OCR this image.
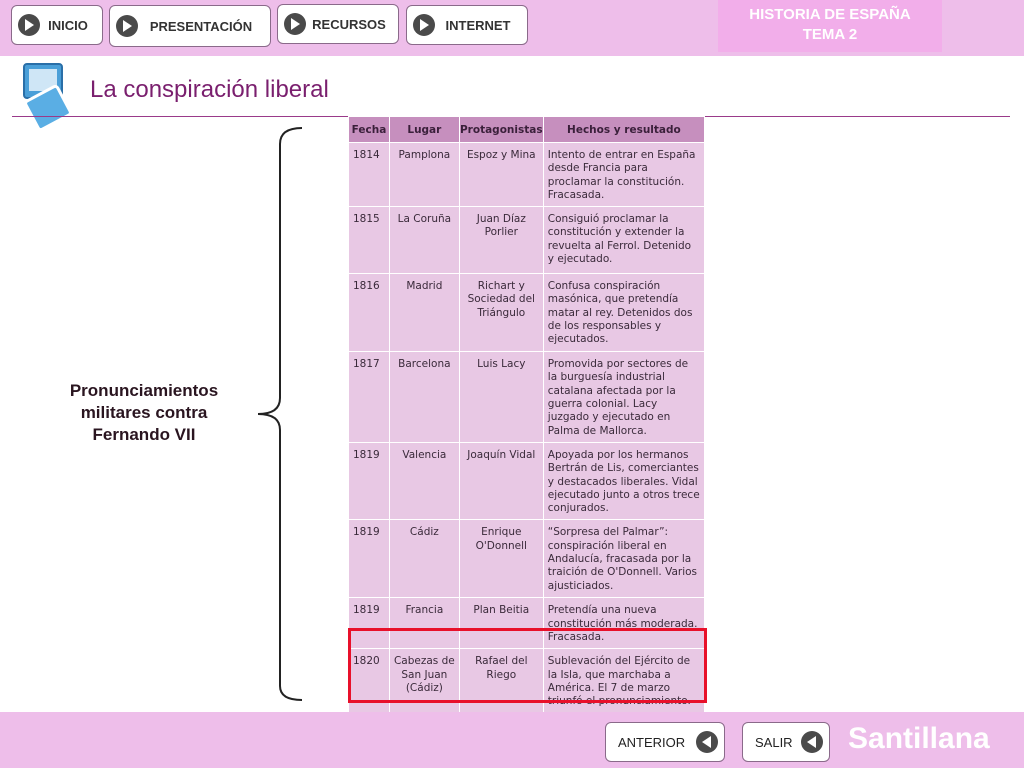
INICIO	PRESENTACIÓN	RECURSOS	INTERNET
HISTORIA DE ESPAÑA
TEMA 2
La conspiración liberal
Pronunciamientos
militares contra
Fernando VII
Fecha	Lugar	Protagonistas	Hechos y resultado
1814	Pamplona	Espoz y Mina	Intento de entrar en España desde Francia para proclamar la constitución. Fracasada.
1815	La Coruña	Juan Díaz Porlier	Consiguió proclamar la constitución y extender la revuelta al Ferrol. Detenido y ejecutado.
1816	Madrid	Richart y Sociedad del Triángulo	Confusa conspiración masónica, que pretendía matar al rey. Detenidos dos de los responsables y ejecutados.
1817	Barcelona	Luis Lacy	Promovida por sectores de la burguesía industrial catalana afectada por la guerra colonial. Lacy juzgado y ejecutado en Palma de Mallorca.
1819	Valencia	Joaquín Vidal	Apoyada por los hermanos Bertrán de Lis, comerciantes y destacados liberales. Vidal ejecutado junto a otros trece conjurados.
1819	Cádiz	Enrique O'Donnell	“Sorpresa del Palmar”: conspiración liberal en Andalucía, fracasada por la traición de O'Donnell. Varios ajusticiados.
1819	Francia	Plan Beitia	Pretendía una nueva constitución más moderada. Fracasada.
1820	Cabezas de San Juan (Cádiz)	Rafael del Riego	Sublevación del Ejército de la Isla, que marchaba a América. El 7 de marzo triunfó el pronunciamiento.
ANTERIOR	SALIR Santillana
